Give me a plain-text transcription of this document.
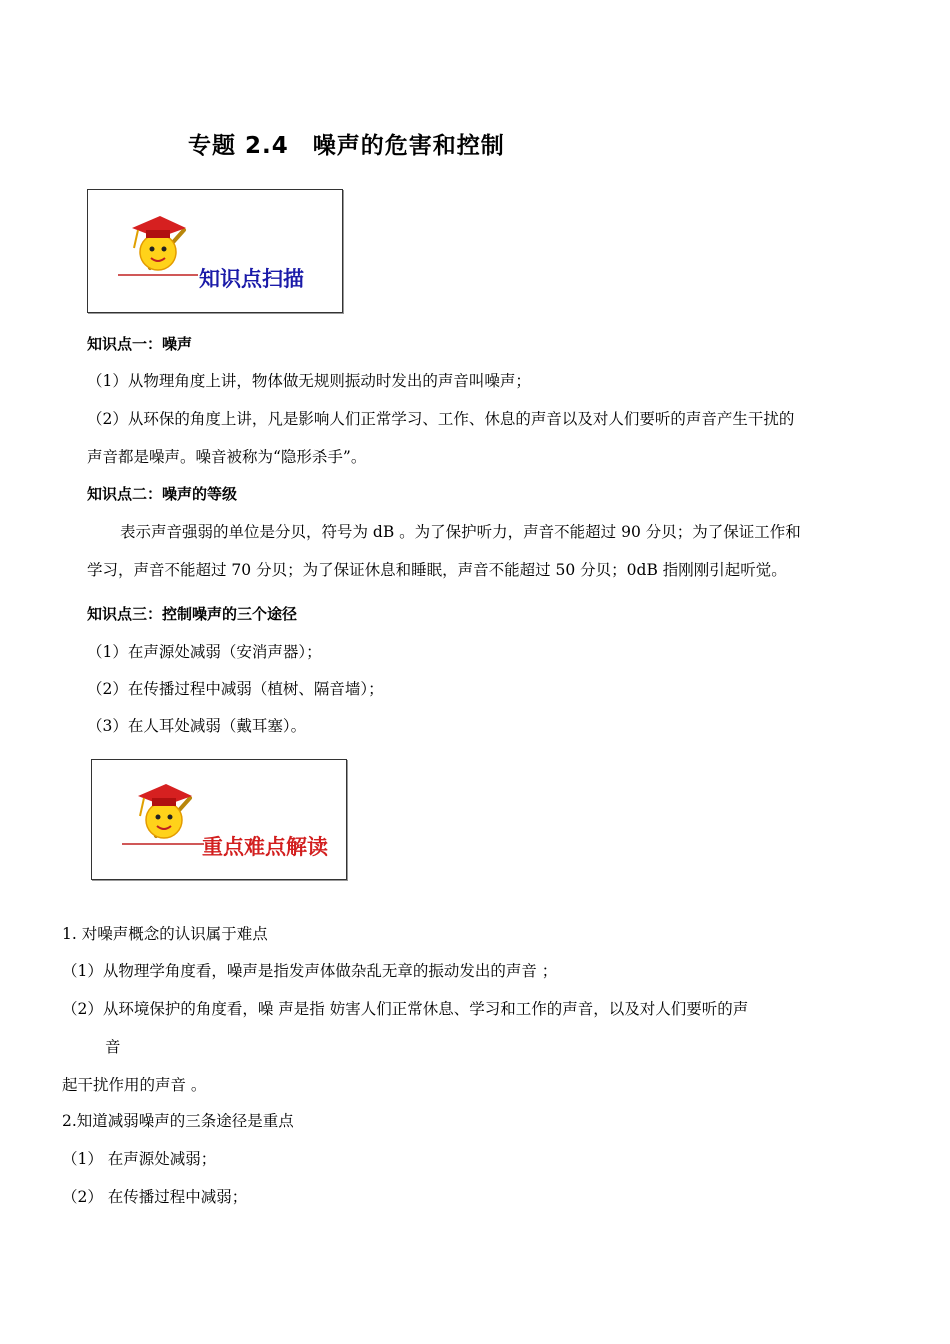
专题 2.4　噪声的危害和控制
知识点扫描
知识点一：噪声
（1）从物理角度上讲，物体做无规则振动时发出的声音叫噪声；
（2）从环保的角度上讲，凡是影响人们正常学习、工作、休息的声音以及对人们要听的声音产生干扰的
声音都是噪声。噪音被称为“隐形杀手”。
知识点二：噪声的等级
表示声音强弱的单位是分贝，符号为 dB 。为了保护听力，声音不能超过 90 分贝；为了保证工作和
学习，声音不能超过 70 分贝；为了保证休息和睡眠，声音不能超过 50 分贝；0dB 指刚刚引起听觉。
知识点三：控制噪声的三个途径
（1）在声源处减弱（安消声器）；
（2）在传播过程中减弱（植树、隔音墙）；
（3）在人耳处减弱（戴耳塞）。
重点难点解读
1. 对噪声概念的认识属于难点
（1）从物理学角度看，噪声是指发声体做杂乱无章的振动发出的声音 ；
（2）从环境保护的角度看，噪 声是指 妨害人们正常休息、学习和工作的声音，以及对人们要听的声
音
起干扰作用的声音 。
2.知道减弱噪声的三条途径是重点
（1） 在声源处减弱；
（2） 在传播过程中减弱；
